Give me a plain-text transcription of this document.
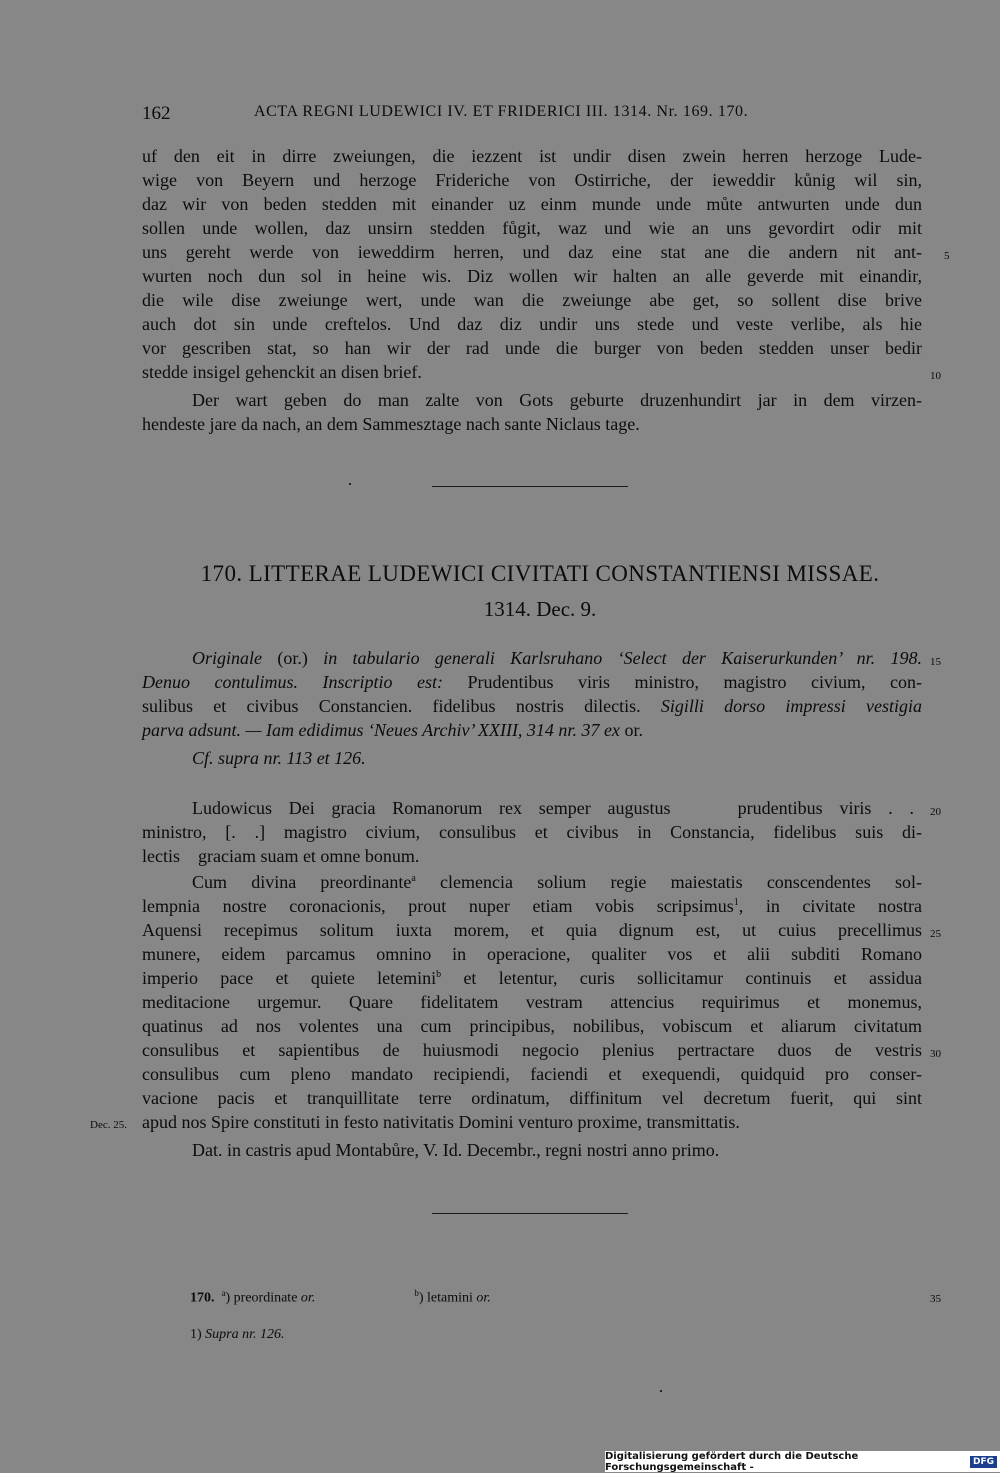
162	ACTA REGNI LUDEWICI IV. ET FRIDERICI III. 1314. Nr. 169. 170.
uf den eit in dirre zweiungen, die iezzent ist undir disen zwein herren herzoge Lude-
wige von Beyern und herzoge Frideriche von Ostirriche, der ieweddir kůnig wil sin,
daz wir von beden stedden mit einander uz einm munde unde můte antwurten unde dun
sollen unde wollen, daz unsirn stedden fůgit, waz und wie an uns gevordirt odir mit
uns gereht werde von ieweddirm herren, und daz eine stat ane die andern nit ant-
wurten noch dun sol in heine wis. Diz wollen wir halten an alle geverde mit einandir,
die wile dise zweiunge wert, unde wan die zweiunge abe get, so sollent dise brive
auch dot sin unde creftelos. Und daz diz undir uns stede und veste verlibe, als hie
vor gescriben stat, so han wir der rad unde die burger von beden stedden unser bedir
stedde insigel gehenckit an disen brief.
Der wart geben do man zalte von Gots geburte druzenhundirt jar in dem virzen-
hendeste jare da nach, an dem Sammesztage nach sante Niclaus tage.
5
10
170. LITTERAE LUDEWICI CIVITATI CONSTANTIENSI MISSAE.
1314. Dec. 9.
Originale (or.) in tabulario generali Karlsruhano ‘Select der Kaiserurkunden’ nr. 198.
Denuo contulimus. Inscriptio est: Prudentibus viris ministro, magistro civium, con-
sulibus et civibus Constancien. fidelibus nostris dilectis. Sigilli dorso impressi vestigia
parva adsunt. — Iam edidimus ‘Neues Archiv’ XXIII, 314 nr. 37 ex or.
Cf. supra nr. 113 et 126.
15
Ludowicus Dei gracia Romanorum rex semper augustus    prudentibus viris . .
ministro, [. .] magistro civium, consulibus et civibus in Constancia, fidelibus suis di-
lectis    graciam suam et omne bonum.
Cum divina preordinante$^a$ clemencia solium regie maiestatis conscendentes sol-
lempnia nostre coronacionis, prout nuper etiam vobis scripsimus$^1$, in civitate nostra
Aquensi recepimus solitum iuxta morem, et quia dignum est, ut cuius precellimus
munere, eidem parcamus omnino in operacione, qualiter vos et alii subditi Romano
imperio pace et quiete letemini$^b$ et letentur, curis sollicitamur continuis et assidua
meditacione urgemur. Quare fidelitatem vestram attencius requirimus et monemus,
quatinus ad nos volentes una cum principibus, nobilibus, vobiscum et aliarum civitatum
consulibus et sapientibus de huiusmodi negocio plenius pertractare duos de vestris
consulibus cum pleno mandato recipiendi, faciendi et exequendi, quidquid pro conser-
vacione pacis et tranquillitate terre ordinatum, diffinitum vel decretum fuerit, qui sint
apud nos Spire constituti in festo nativitatis Domini venturo proxime, transmittatis.
Dat. in castris apud Montabůre, V. Id. Decembr., regni nostri anno primo.
20
25
30
Dec. 25.
170. $^a$) preordinate or.	$^b$) letamini or.	35
1) Supra nr. 126.
Digitalisierung gefördert durch die Deutsche Forschungsgemeinschaft -	DFG
